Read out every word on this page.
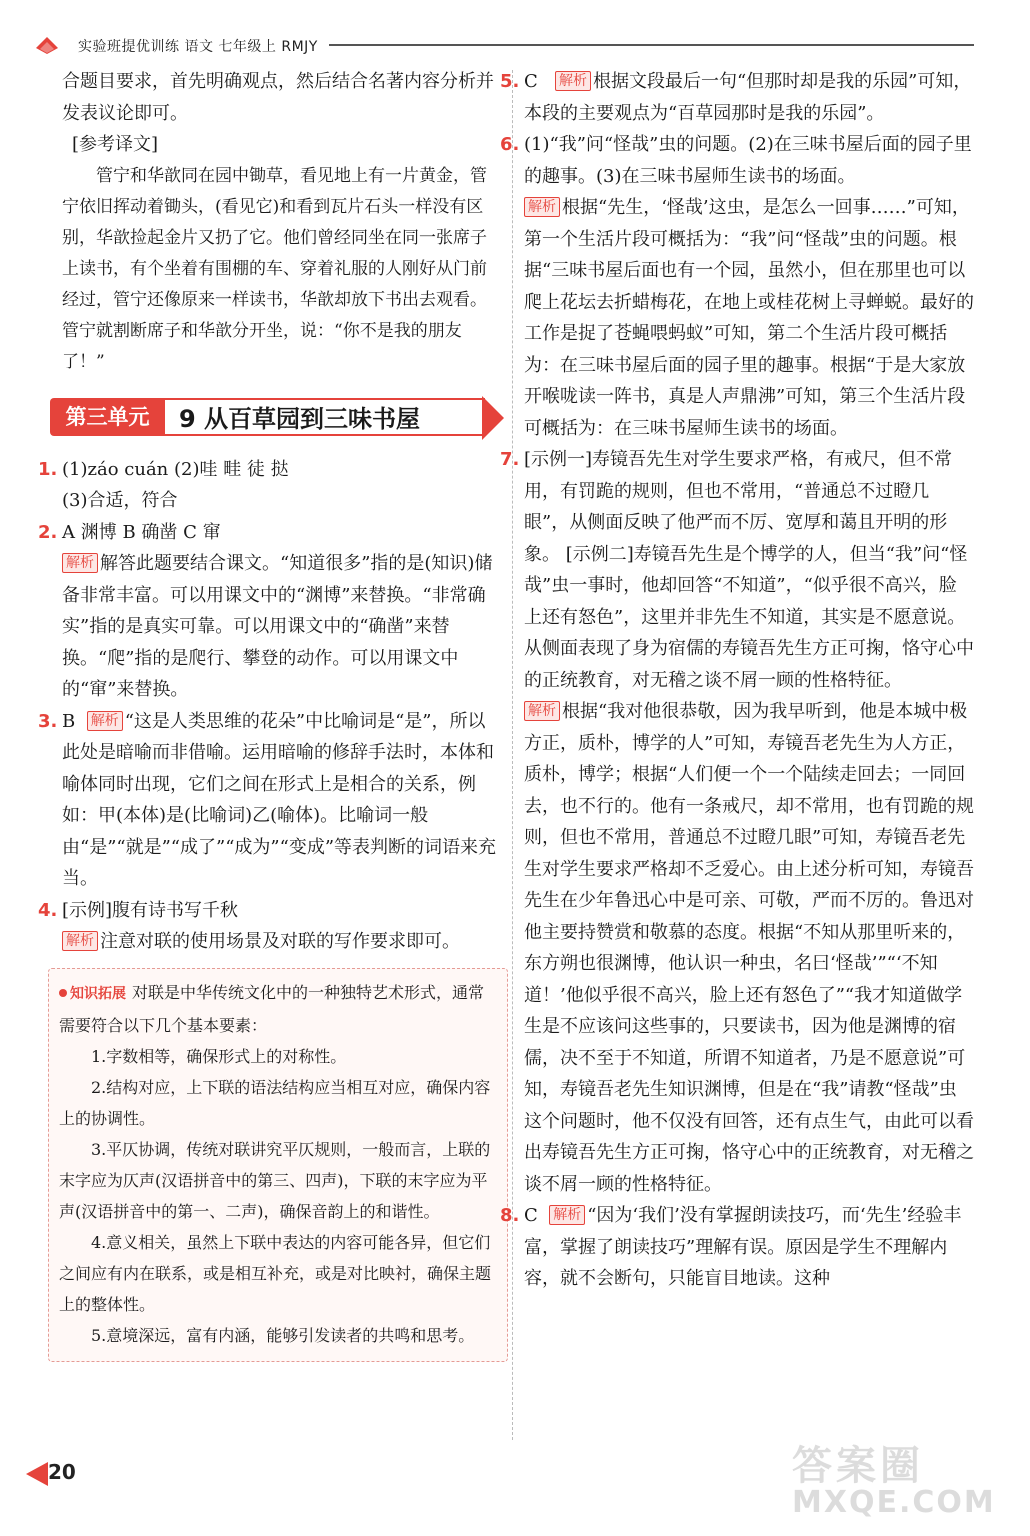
实验班提优训练 语文 七年级上 RMJY

合题目要求，首先明确观点，然后结合名著内容分析并发表议论即可。

[参考译文]

管宁和华歆同在园中锄草，看见地上有一片黄金，管宁依旧挥动着锄头，(看见它)和看到瓦片石头一样没有区别，华歆捡起金片又扔了它。他们曾经同坐在同一张席子上读书，有个坐着有围棚的车、穿着礼服的人刚好从门前经过，管宁还像原来一样读书，华歆却放下书出去观看。管宁就割断席子和华歆分开坐，说：“你不是我的朋友了！”

第三单元	9 从百草园到三味书屋
1. (1)záo cuán (2)哇 畦 徒 挞

(3)合适，符合

2. A 渊博 B 确凿 C 窜

解析 解答此题要结合课文。“知道很多”指的是(知识)储备非常丰富。可以用课文中的“渊博”来替换。“非常确实”指的是真实可靠。可以用课文中的“确凿”来替换。“爬”指的是爬行、攀登的动作。可以用课文中的“窜”来替换。

3. B 解析 “这是人类思维的花朵”中比喻词是“是”，所以此处是暗喻而非借喻。运用暗喻的修辞手法时，本体和喻体同时出现，它们之间在形式上是相合的关系，例如：甲(本体)是(比喻词)乙(喻体)。比喻词一般由“是”“就是”“成了”“成为”“变成”等表判断的词语来充当。

4. [示例]腹有诗书写千秋

解析 注意对联的使用场景及对联的写作要求即可。

知识拓展 对联是中华传统文化中的一种独特艺术形式，通常需要符合以下几个基本要素：

1.字数相等，确保形式上的对称性。

2.结构对应，上下联的语法结构应当相互对应，确保内容上的协调性。

3.平仄协调，传统对联讲究平仄规则，一般而言，上联的末字应为仄声(汉语拼音中的第三、四声)，下联的末字应为平声(汉语拼音中的第一、二声)，确保音韵上的和谐性。

4.意义相关，虽然上下联中表达的内容可能各异，但它们之间应有内在联系，或是相互补充，或是对比映衬，确保主题上的整体性。

5.意境深远，富有内涵，能够引发读者的共鸣和思考。

5. C 解析 根据文段最后一句“但那时却是我的乐园”可知，本段的主要观点为“百草园那时是我的乐园”。

6. (1)“我”问“怪哉”虫的问题。(2)在三味书屋后面的园子里的趣事。(3)在三味书屋师生读书的场面。

解析 根据“先生，‘怪哉’这虫，是怎么一回事……”可知，第一个生活片段可概括为：“我”问“怪哉”虫的问题。根据“三味书屋后面也有一个园，虽然小，但在那里也可以爬上花坛去折蜡梅花，在地上或桂花树上寻蝉蜕。最好的工作是捉了苍蝇喂蚂蚁”可知，第二个生活片段可概括为：在三味书屋后面的园子里的趣事。根据“于是大家放开喉咙读一阵书，真是人声鼎沸”可知，第三个生活片段可概括为：在三味书屋师生读书的场面。

7. [示例一]寿镜吾先生对学生要求严格，有戒尺，但不常用，有罚跪的规则，但也不常用，“普通总不过瞪几眼”，从侧面反映了他严而不厉、宽厚和蔼且开明的形象。 [示例二]寿镜吾先生是个博学的人，但当“我”问“怪哉”虫一事时，他却回答“不知道”，“似乎很不高兴，脸上还有怒色”，这里并非先生不知道，其实是不愿意说。从侧面表现了身为宿儒的寿镜吾先生方正可掬，恪守心中的正统教育，对无稽之谈不屑一顾的性格特征。

解析 根据“我对他很恭敬，因为我早听到，他是本城中极方正，质朴，博学的人”可知，寿镜吾老先生为人方正，质朴，博学；根据“人们便一个一个陆续走回去；一同回去，也不行的。他有一条戒尺，却不常用，也有罚跪的规则，但也不常用，普通总不过瞪几眼”可知，寿镜吾老先生对学生要求严格却不乏爱心。由上述分析可知，寿镜吾先生在少年鲁迅心中是可亲、可敬，严而不厉的。鲁迅对他主要持赞赏和敬慕的态度。根据“不知从那里听来的，东方朔也很渊博，他认识一种虫，名曰‘怪哉’”“‘不知道！’他似乎很不高兴，脸上还有怒色了”“我才知道做学生是不应该问这些事的，只要读书，因为他是渊博的宿儒，决不至于不知道，所谓不知道者，乃是不愿意说”可知，寿镜吾老先生知识渊博，但是在“我”请教“怪哉”虫这个问题时，他不仅没有回答，还有点生气，由此可以看出寿镜吾先生方正可掬，恪守心中的正统教育，对无稽之谈不屑一顾的性格特征。

8. C 解析 “因为‘我们’没有掌握朗读技巧，而‘先生’经验丰富，掌握了朗读技巧”理解有误。原因是学生不理解内容，就不会断句，只能盲目地读。这种

20	答案圈
MXQE.COM
